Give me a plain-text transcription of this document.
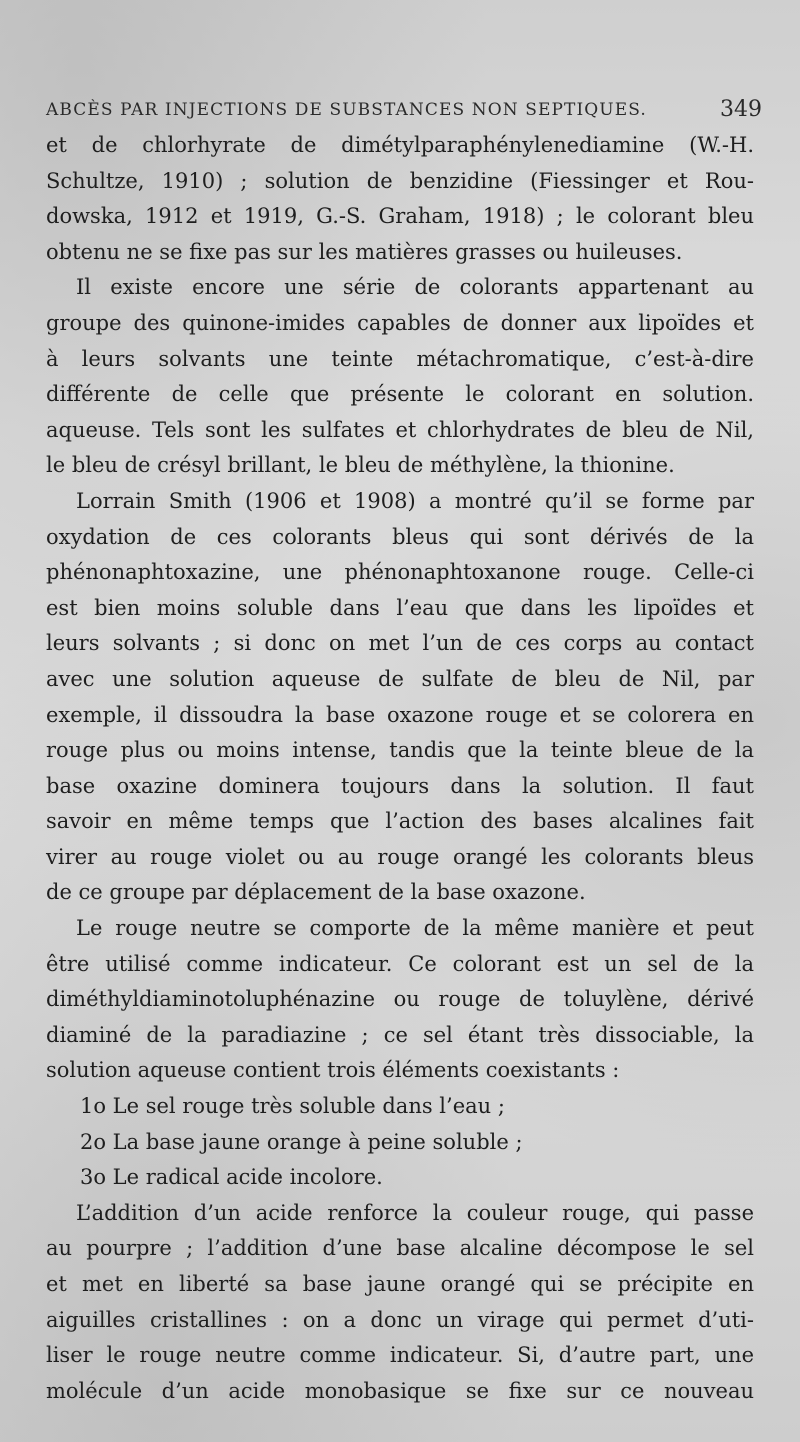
ABCÈS PAR INJECTIONS DE SUBSTANCES NON SEPTIQUES.	349
et de chlorhyrate de dimétylparaphénylenediamine (W.-H.
Schultze, 1910) ; solution de benzidine (Fiessinger et Rou-
dowska, 1912 et 1919, G.-S. Graham, 1918) ; le colorant bleu
obtenu ne se fixe pas sur les matières grasses ou huileuses.
Il existe encore une série de colorants appartenant au
groupe des quinone-imides capables de donner aux lipoïdes et
à leurs solvants une teinte métachromatique, c’est-à-dire
différente de celle que présente le colorant en solution.
aqueuse. Tels sont les sulfates et chlorhydrates de bleu de Nil,
le bleu de crésyl brillant, le bleu de méthylène, la thionine.
Lorrain Smith (1906 et 1908) a montré qu’il se forme par
oxydation de ces colorants bleus qui sont dérivés de la
phénonaphtoxazine, une phénonaphtoxanone rouge. Celle-ci
est bien moins soluble dans l’eau que dans les lipoïdes et
leurs solvants ; si donc on met l’un de ces corps au contact
avec une solution aqueuse de sulfate de bleu de Nil, par
exemple, il dissoudra la base oxazone rouge et se colorera en
rouge plus ou moins intense, tandis que la teinte bleue de la
base oxazine dominera toujours dans la solution. Il faut
savoir en même temps que l’action des bases alcalines fait
virer au rouge violet ou au rouge orangé les colorants bleus
de ce groupe par déplacement de la base oxazone.
Le rouge neutre se comporte de la même manière et peut
être utilisé comme indicateur. Ce colorant est un sel de la
diméthyldiaminotoluphénazine ou rouge de toluylène, dérivé
diaminé de la paradiazine ; ce sel étant très dissociable, la
solution aqueuse contient trois éléments coexistants :
1o Le sel rouge très soluble dans l’eau ;
2o La base jaune orange à peine soluble ;
3o Le radical acide incolore.
L’addition d’un acide renforce la couleur rouge, qui passe
au pourpre ; l’addition d’une base alcaline décompose le sel
et met en liberté sa base jaune orangé qui se précipite en
aiguilles cristallines : on a donc un virage qui permet d’uti-
liser le rouge neutre comme indicateur. Si, d’autre part, une
molécule d’un acide monobasique se fixe sur ce nouveau
